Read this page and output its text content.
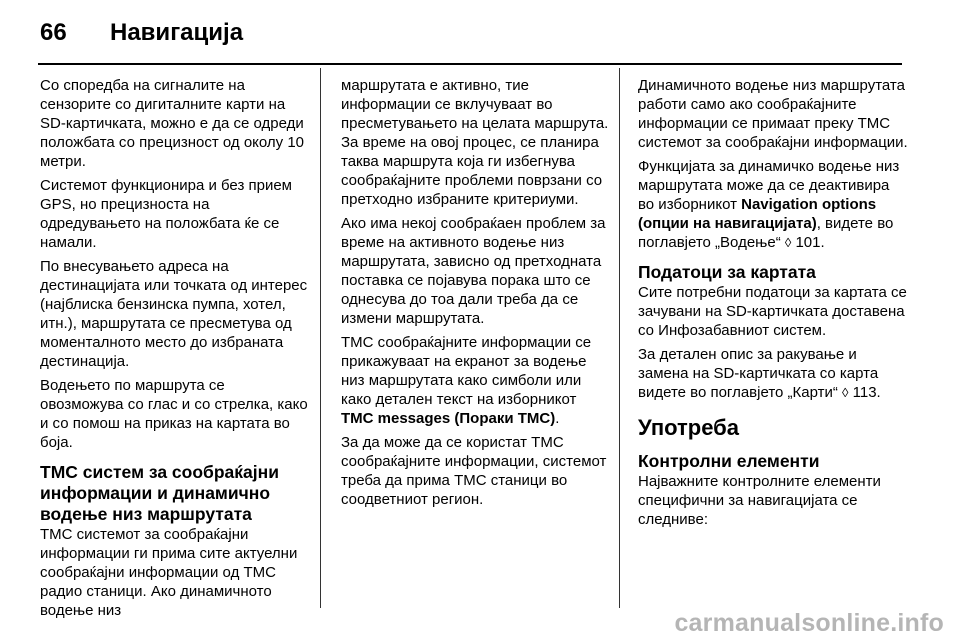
66	Навигација

Со споредба на сигналите на сензорите со дигиталните карти на SD-картичката, можно е да се одреди положбата со прецизност од околу 10 метри.

Системот функционира и без прием GPS, но прецизноста на одредувањето на положбата ќе се намали.

По внесувањето адреса на дестинацијата или точката од интерес (најблиска бензинска пумпа, хотел, итн.), маршрутата се пресметува од моменталното место до избраната дестинација.

Водењето по маршрута се овозможува со глас и со стрелка, како и со помош на приказ на картата во боја.

ТМС систем за сообраќајни информации и динамично водење низ маршрутата

ТМС системот за сообраќајни информации ги прима сите актуелни сообраќајни информации од ТМС радио станици. Ако динамичното водење низ

маршрутата е активно, тие информации се вклучуваат во пресметувањето на целата маршрута. За време на овој процес, се планира таква маршрута која ги избегнува сообраќајните проблеми поврзани со претходно избраните критериуми.

Ако има некој сообраќаен проблем за време на активното водење низ маршрутата, зависно од претходната поставка се појавува порака што се однесува до тоа дали треба да се измени маршрутата.

ТМС сообраќајните информации се прикажуваат на екранот за водење низ маршрутата како симболи или како детален текст на изборникот TMC messages (Пораки TMC).

За да може да се користат ТМС сообраќајните информации, системот треба да прима ТМС станици во соодветниот регион.

Динамичното водење низ маршрутата работи само ако сообраќајните информации се примаат преку ТМС системот за сообраќајни информации.

Функцијата за динамичко водење низ маршрутата може да се деактивира во изборникот Navigation options (опции на навигацијата), видете во поглавјето „Водење“ ◊ 101.

Податоци за картата

Сите потребни податоци за картата се зачувани на SD-картичката доставена со Инфозабавниот систем.

За детален опис за ракување и замена на SD-картичката со карта видете во поглавјето „Карти“ ◊ 113.

Употреба
Контролни елементи

Најважните контролните елементи специфични за навигацијата се следниве:

carmanualsonline.info
